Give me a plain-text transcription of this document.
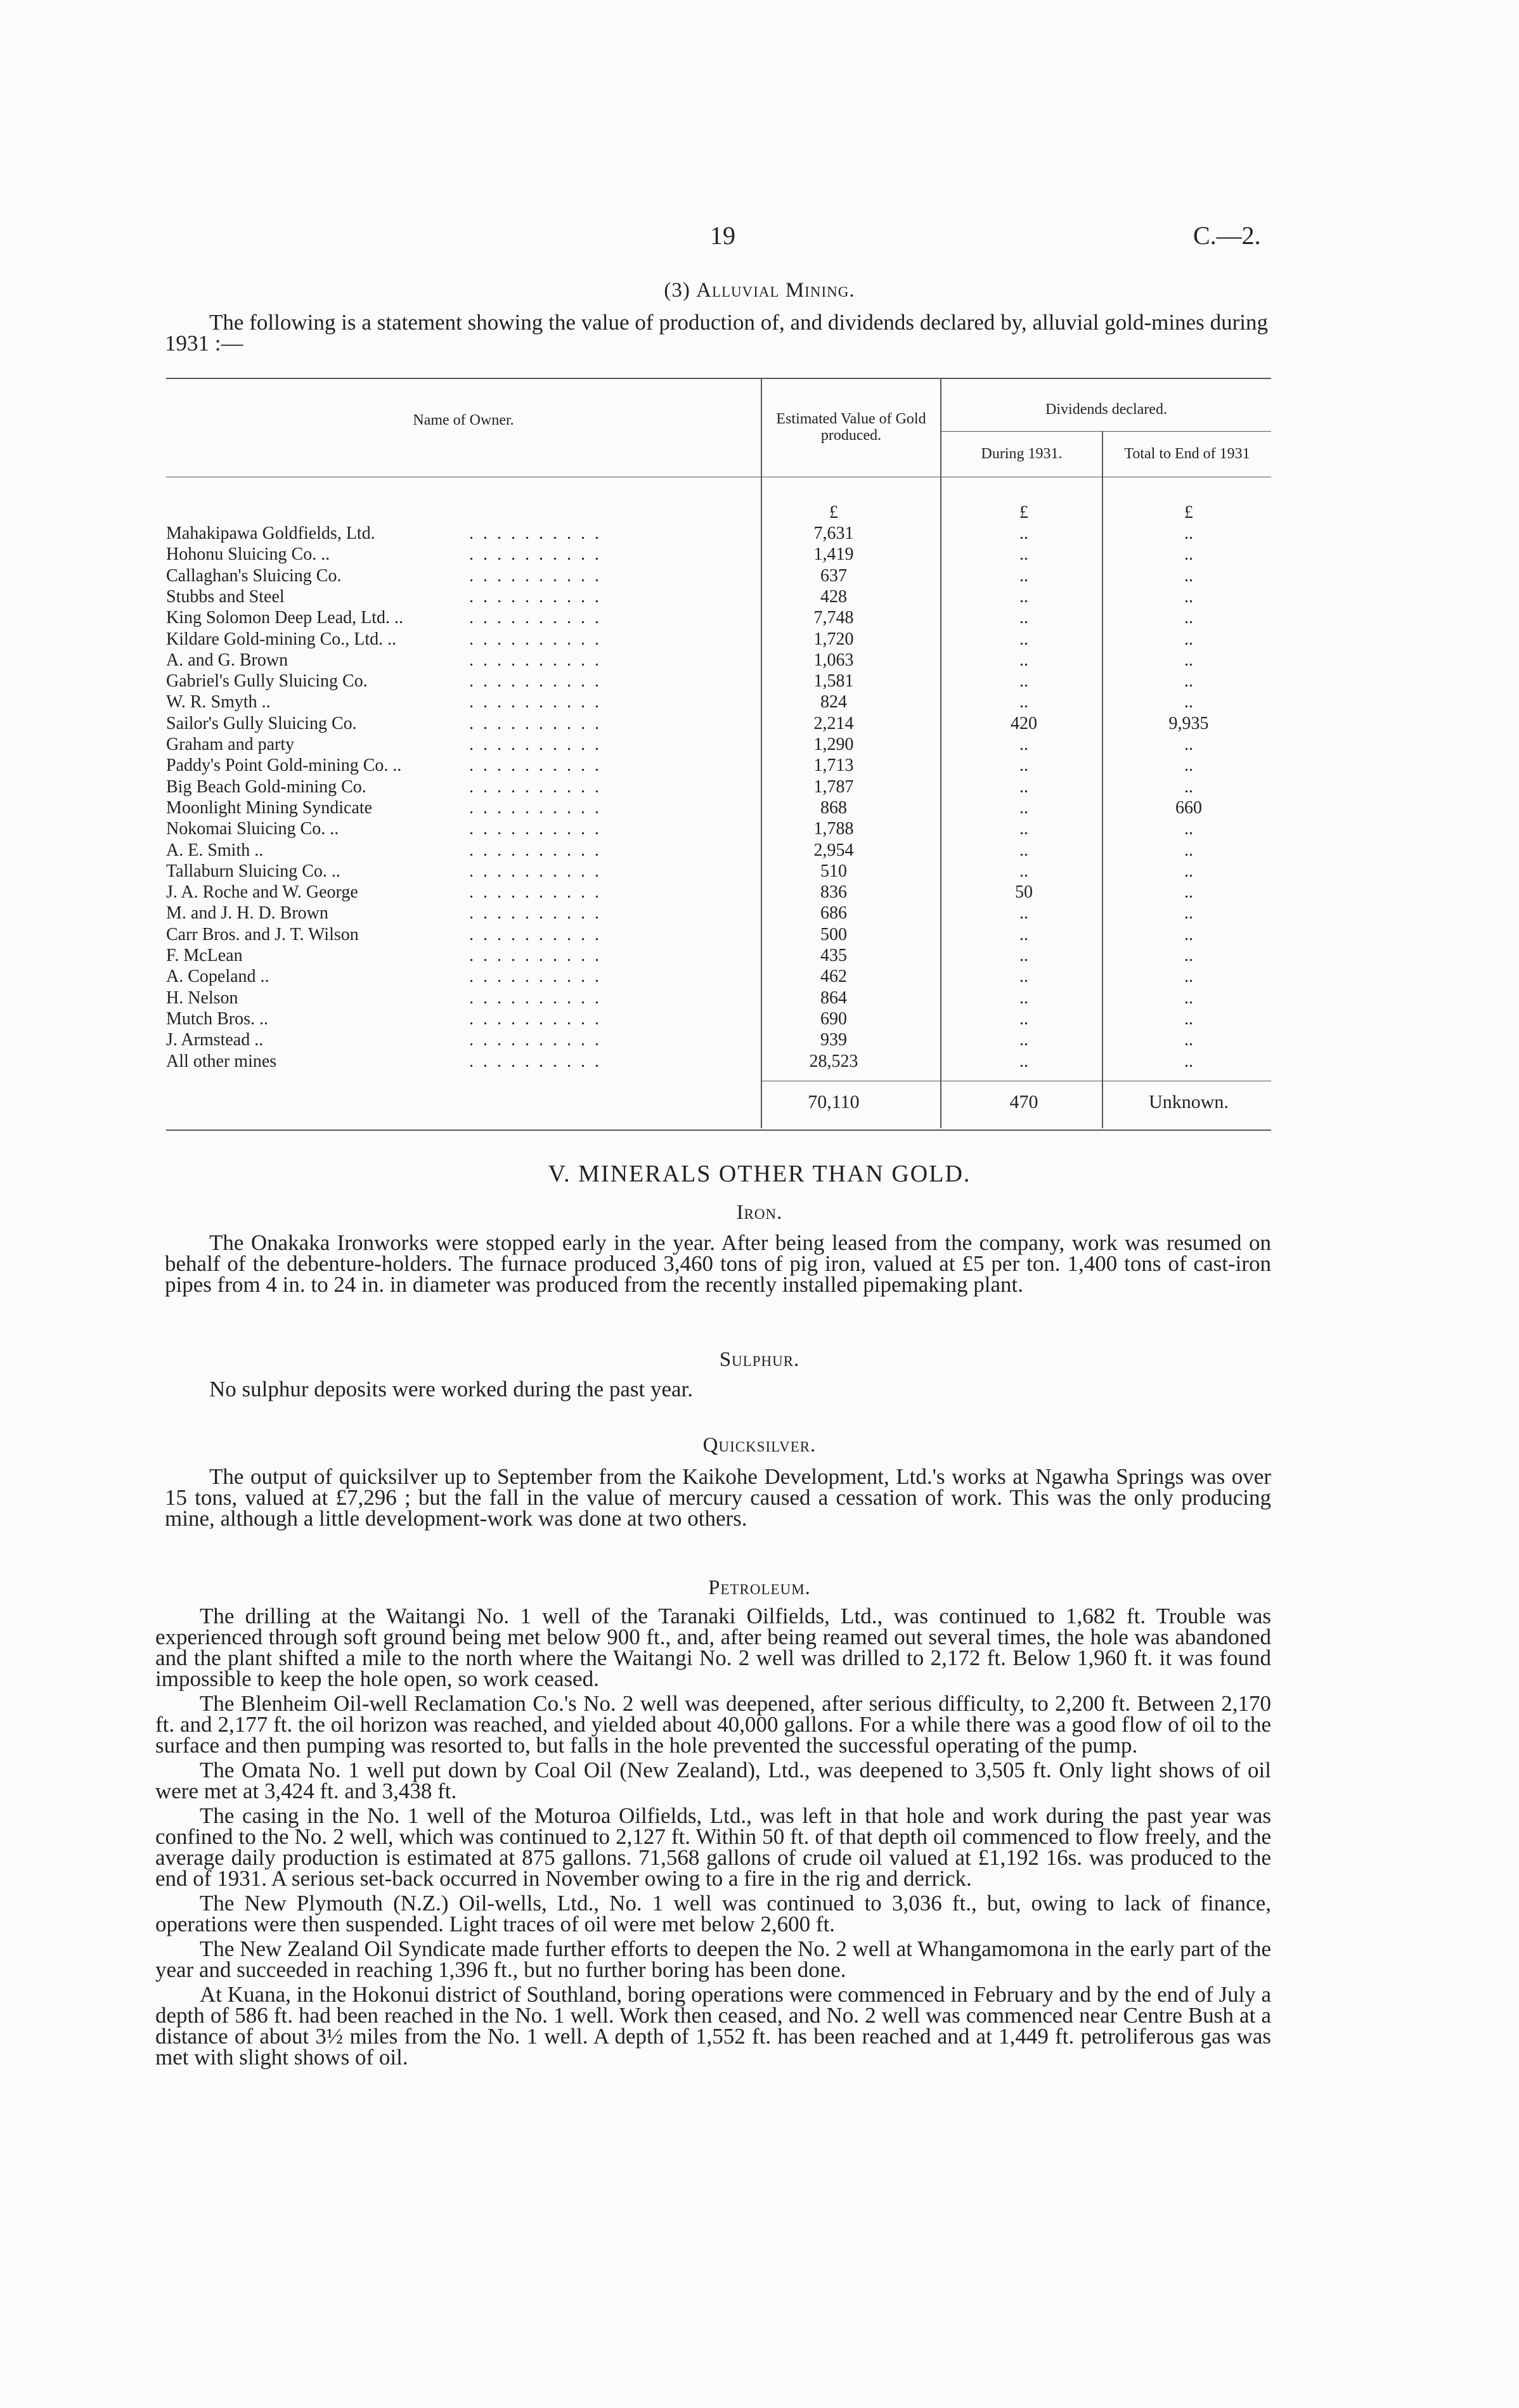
19	C.—2.
(3) Alluvial Mining.

The following is a statement showing the value of production of, and dividends declared by, alluvial gold-mines during 1931 :—

Name of Owner.	Estimated Value of Gold produced.
Dividends declared.
During 1931.	Total to End of 1931
£	£	£
Mahakipawa Goldfields, Ltd.	. . . . . . . . . .	7,631	..	..
Hohonu Sluicing Co. ..	. . . . . . . . . .	1,419	..	..
Callaghan's Sluicing Co.	. . . . . . . . . .	637	..	..
Stubbs and Steel	. . . . . . . . . .	428	..	..
King Solomon Deep Lead, Ltd. ..	. . . . . . . . . .	7,748	..	..
Kildare Gold-mining Co., Ltd. ..	. . . . . . . . . .	1,720	..	..
A. and G. Brown	. . . . . . . . . .	1,063	..	..
Gabriel's Gully Sluicing Co.	. . . . . . . . . .	1,581	..	..
W. R. Smyth ..	. . . . . . . . . .	824	..	..
Sailor's Gully Sluicing Co.	. . . . . . . . . .	2,214	420	9,935
Graham and party	. . . . . . . . . .	1,290	..	..
Paddy's Point Gold-mining Co. ..	. . . . . . . . . .	1,713	..	..
Big Beach Gold-mining Co.	. . . . . . . . . .	1,787	..	..
Moonlight Mining Syndicate	. . . . . . . . . .	868	..	660
Nokomai Sluicing Co. ..	. . . . . . . . . .	1,788	..	..
A. E. Smith ..	. . . . . . . . . .	2,954	..	..
Tallaburn Sluicing Co. ..	. . . . . . . . . .	510	..	..
J. A. Roche and W. George	. . . . . . . . . .	836	50	..
M. and J. H. D. Brown	. . . . . . . . . .	686	..	..
Carr Bros. and J. T. Wilson	. . . . . . . . . .	500	..	..
F. McLean	. . . . . . . . . .	435	..	..
A. Copeland ..	. . . . . . . . . .	462	..	..
H. Nelson	. . . . . . . . . .	864	..	..
Mutch Bros. ..	. . . . . . . . . .	690	..	..
J. Armstead ..	. . . . . . . . . .	939	..	..
All other mines	. . . . . . . . . .	28,523	..	..
70,110	470	Unknown.
V. MINERALS OTHER THAN GOLD.
Iron.

The Onakaka Ironworks were stopped early in the year. After being leased from the company, work was resumed on behalf of the debenture-holders. The furnace produced 3,460 tons of pig iron, valued at £5 per ton. 1,400 tons of cast-iron pipes from 4 in. to 24 in. in diameter was produced from the recently installed pipemaking plant.

Sulphur.

No sulphur deposits were worked during the past year.

Quicksilver.

The output of quicksilver up to September from the Kaikohe Development, Ltd.'s works at Ngawha Springs was over 15 tons, valued at £7,296 ; but the fall in the value of mercury caused a cessation of work. This was the only producing mine, although a little development-work was done at two others.

Petroleum.

The drilling at the Waitangi No. 1 well of the Taranaki Oilfields, Ltd., was continued to 1,682 ft. Trouble was experienced through soft ground being met below 900 ft., and, after being reamed out several times, the hole was abandoned and the plant shifted a mile to the north where the Waitangi No. 2 well was drilled to 2,172 ft. Below 1,960 ft. it was found impossible to keep the hole open, so work ceased.

The Blenheim Oil-well Reclamation Co.'s No. 2 well was deepened, after serious difficulty, to 2,200 ft. Between 2,170 ft. and 2,177 ft. the oil horizon was reached, and yielded about 40,000 gallons. For a while there was a good flow of oil to the surface and then pumping was resorted to, but falls in the hole prevented the successful operating of the pump.

The Omata No. 1 well put down by Coal Oil (New Zealand), Ltd., was deepened to 3,505 ft. Only light shows of oil were met at 3,424 ft. and 3,438 ft.

The casing in the No. 1 well of the Moturoa Oilfields, Ltd., was left in that hole and work during the past year was confined to the No. 2 well, which was continued to 2,127 ft. Within 50 ft. of that depth oil commenced to flow freely, and the average daily production is estimated at 875 gallons. 71,568 gallons of crude oil valued at £1,192 16s. was produced to the end of 1931. A serious set-back occurred in November owing to a fire in the rig and derrick.

The New Plymouth (N.Z.) Oil-wells, Ltd., No. 1 well was continued to 3,036 ft., but, owing to lack of finance, operations were then suspended. Light traces of oil were met below 2,600 ft.

The New Zealand Oil Syndicate made further efforts to deepen the No. 2 well at Whangamomona in the early part of the year and succeeded in reaching 1,396 ft., but no further boring has been done.

At Kuana, in the Hokonui district of Southland, boring operations were commenced in February and by the end of July a depth of 586 ft. had been reached in the No. 1 well. Work then ceased, and No. 2 well was commenced near Centre Bush at a distance of about 3½ miles from the No. 1 well. A depth of 1,552 ft. has been reached and at 1,449 ft. petroliferous gas was met with slight shows of oil.
